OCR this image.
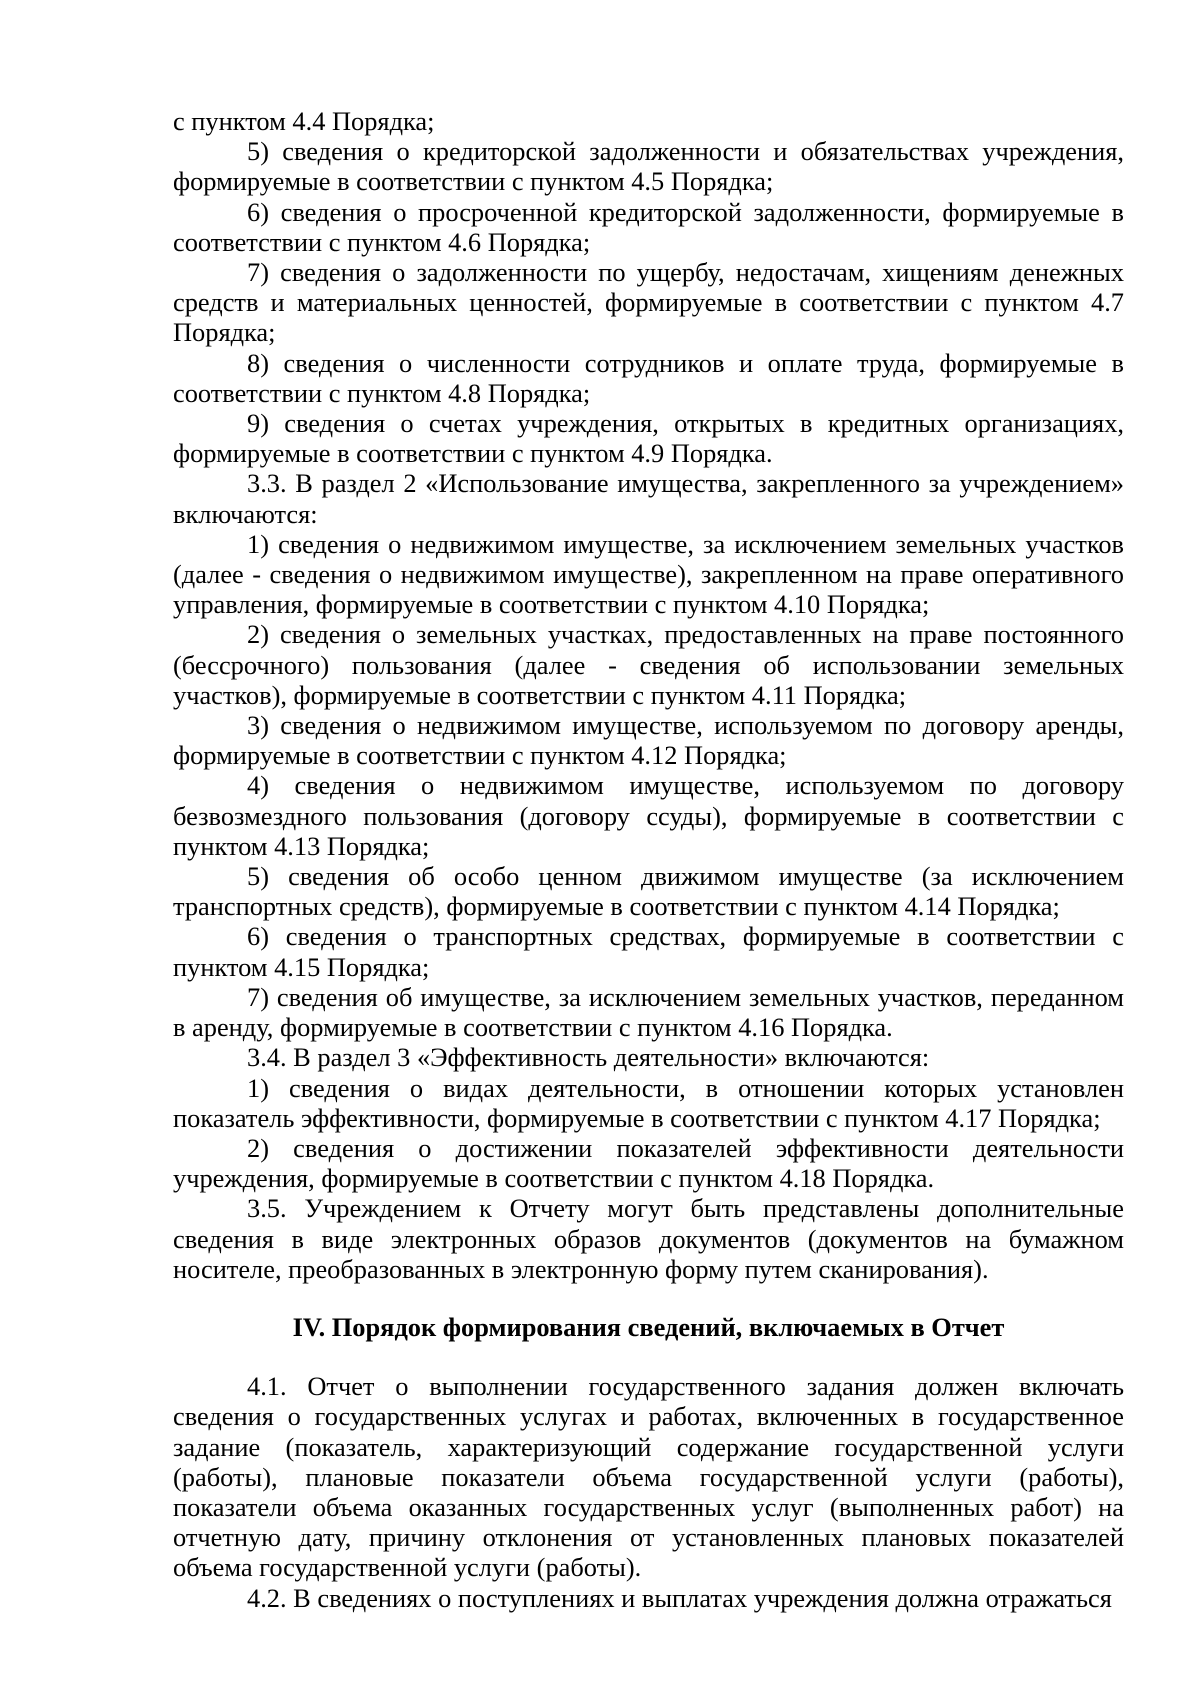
с пунктом 4.4 Порядка;

5) сведения о кредиторской задолженности и обязательствах учреждения, формируемые в соответствии с пунктом 4.5 Порядка;

6) сведения о просроченной кредиторской задолженности, формируемые в соответствии с пунктом 4.6 Порядка;

7) сведения о задолженности по ущербу, недостачам, хищениям денежных средств и материальных ценностей, формируемые в соответствии с пунктом 4.7 Порядка;

8) сведения о численности сотрудников и оплате труда, формируемые в соответствии с пунктом 4.8 Порядка;

9) сведения о счетах учреждения, открытых в кредитных организациях, формируемые в соответствии с пунктом 4.9 Порядка.

3.3. В раздел 2 «Использование имущества, закрепленного за учреждением» включаются:

1) сведения о недвижимом имуществе, за исключением земельных участков (далее - сведения о недвижимом имуществе), закрепленном на праве оперативного управления, формируемые в соответствии с пунктом 4.10 Порядка;

2) сведения о земельных участках, предоставленных на праве постоянного (бессрочного) пользования (далее - сведения об использовании земельных участков), формируемые в соответствии с пунктом 4.11 Порядка;

3) сведения о недвижимом имуществе, используемом по договору аренды, формируемые в соответствии с пунктом 4.12 Порядка;

4) сведения о недвижимом имуществе, используемом по договору безвозмездного пользования (договору ссуды), формируемые в соответствии с пунктом 4.13 Порядка;

5) сведения об особо ценном движимом имуществе (за исключением транспортных средств), формируемые в соответствии с пунктом 4.14 Порядка;

6) сведения о транспортных средствах, формируемые в соответствии с пунктом 4.15 Порядка;

7) сведения об имуществе, за исключением земельных участков, переданном в аренду, формируемые в соответствии с пунктом 4.16 Порядка.

3.4. В раздел 3 «Эффективность деятельности» включаются:

1) сведения о видах деятельности, в отношении которых установлен показатель эффективности, формируемые в соответствии с пунктом 4.17 Порядка;

2) сведения о достижении показателей эффективности деятельности учреждения, формируемые в соответствии с пунктом 4.18 Порядка.

3.5. Учреждением к Отчету могут быть представлены дополнительные сведения в виде электронных образов документов (документов на бумажном носителе, преобразованных в электронную форму путем сканирования).

IV. Порядок формирования сведений, включаемых в Отчет

4.1. Отчет о выполнении государственного задания должен включать сведения о государственных услугах и работах, включенных в государственное задание (показатель, характеризующий содержание государственной услуги (работы), плановые показатели объема государственной услуги (работы), показатели объема оказанных государственных услуг (выполненных работ) на отчетную дату, причину отклонения от установленных плановых показателей объема государственной услуги (работы).

4.2. В сведениях о поступлениях и выплатах учреждения должна отражаться
